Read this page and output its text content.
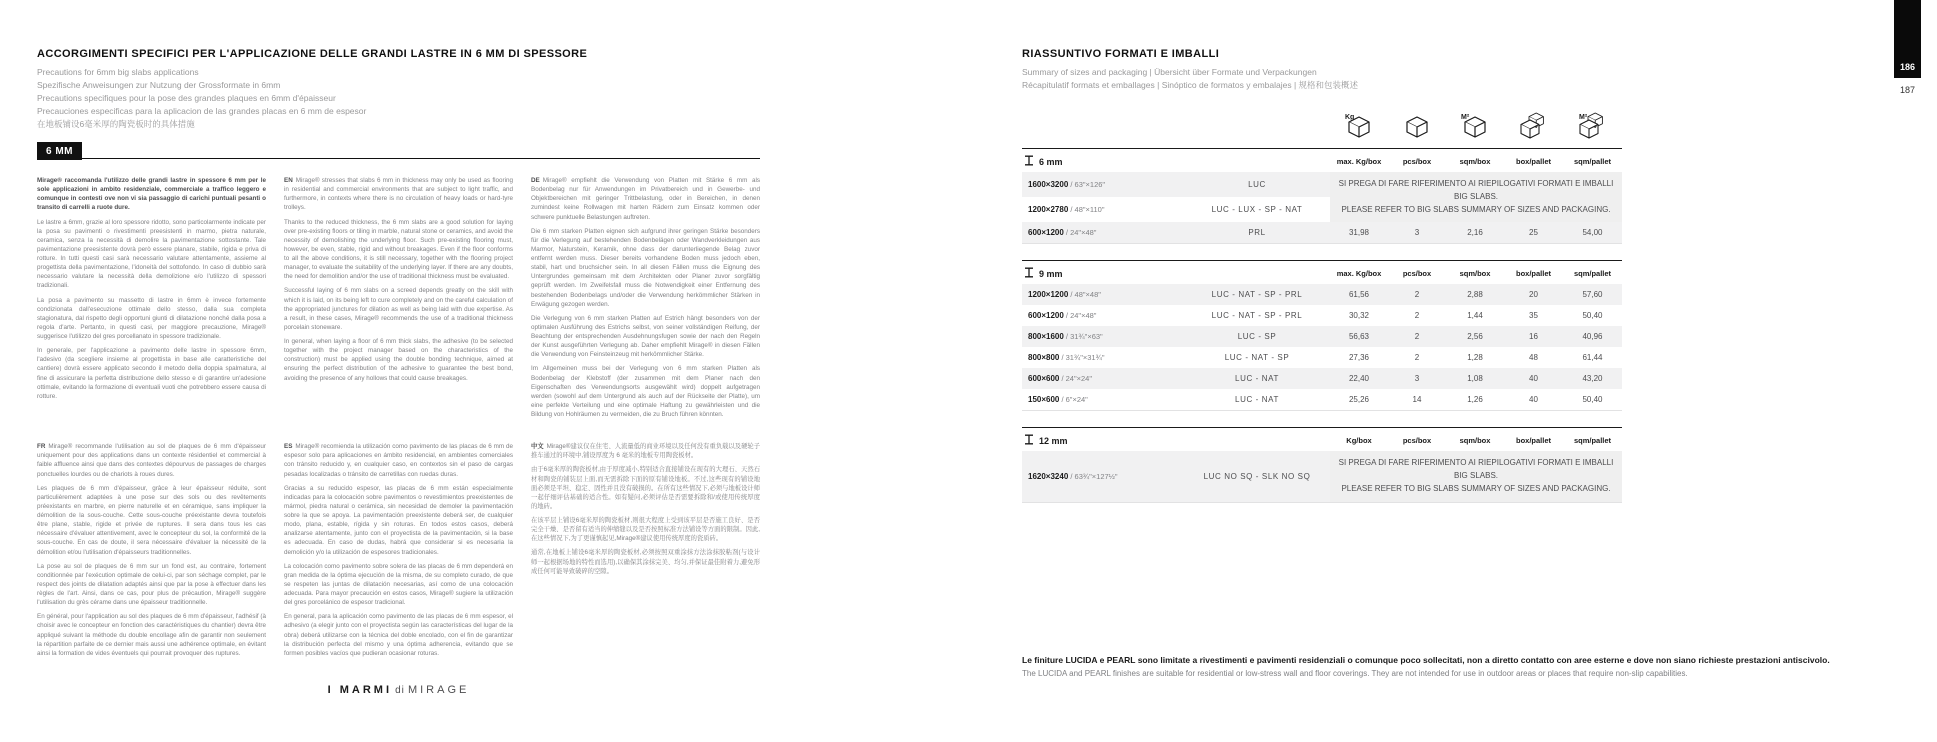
ACCORGIMENTI SPECIFICI PER L'APPLICAZIONE DELLE GRANDI LASTRE IN 6 MM DI SPESSORE

Precautions for 6mm big slabs applications

Spezifische Anweisungen zur Nutzung der Grossformate in 6mm

Precautions specifiques pour la pose des grandes plaques en 6mm d'épaisseur

Precauciones especificas para la aplicacion de las grandes placas en 6 mm de espesor

在地板铺设6毫米厚的陶瓷板时的具体措施

6 MM

Mirage® raccomanda l'utilizzo delle grandi lastre in spessore 6 mm per le sole applicazioni in ambito residenziale, commerciale a traffico leggero e comunque in contesti ove non vi sia passaggio di carichi puntuali pesanti o transito di carrelli a ruote dure.

Le lastre a 6mm, grazie al loro spessore ridotto, sono particolarmente indicate per la posa su pavimenti o rivestimenti preesistenti in marmo, pietra naturale, ceramica, senza la necessità di demolire la pavimentazione sottostante. Tale pavimentazione preesistente dovrà però essere planare, stabile, rigida e priva di rotture. In tutti questi casi sarà necessario valutare attentamente, assieme al progettista della pavimentazione, l'idoneità del sottofondo. In caso di dubbio sarà necessario valutare la necessità della demolizione e/o l'utilizzo di spessori tradizionali.

La posa a pavimento su massetto di lastre in 6mm è invece fortemente condizionata dall'esecuzione ottimale dello stesso, dalla sua completa stagionatura, dal rispetto degli opportuni giunti di dilatazione nonché dalla posa a regola d'arte. Pertanto, in questi casi, per maggiore precauzione, Mirage® suggerisce l'utilizzo del gres porcellanato in spessore tradizionale.

In generale, per l'applicazione a pavimento delle lastre in spessore 6mm, l'adesivo (da scegliere insieme al progettista in base alle caratteristiche del cantiere) dovrà essere applicato secondo il metodo della doppia spalmatura, al fine di assicurare la perfetta distribuzione dello stesso e di garantire un'adesione ottimale, evitando la formazione di eventuali vuoti che potrebbero essere causa di rotture.

EN Mirage® stresses that slabs 6 mm in thickness may only be used as flooring in residential and commercial environments that are subject to light traffic, and furthermore, in contexts where there is no circulation of heavy loads or hard-tyre trolleys.

Thanks to the reduced thickness, the 6 mm slabs are a good solution for laying over pre-existing floors or tiling in marble, natural stone or ceramics, and avoid the necessity of demolishing the underlying floor. Such pre-existing flooring must, however, be even, stable, rigid and without breakages. Even if the floor conforms to all the above conditions, it is still necessary, together with the flooring project manager, to evaluate the suitability of the underlying layer. If there are any doubts, the need for demolition and/or the use of traditional thickness must be evaluated.

Successful laying of 6 mm slabs on a screed depends greatly on the skill with which it is laid, on its being left to cure completely and on the careful calculation of the appropriated junctures for dilation as well as being laid with due expertise. As a result, in these cases, Mirage® recommends the use of a traditional thickness porcelain stoneware.

In general, when laying a floor of 6 mm thick slabs, the adhesive (to be selected together with the project manager based on the characteristics of the construction) must be applied using the double bonding technique, aimed at ensuring the perfect distribution of the adhesive to guarantee the best bond, avoiding the presence of any hollows that could cause breakages.

DE Mirage® empfiehlt die Verwendung von Platten mit Stärke 6 mm als Bodenbelag nur für Anwendungen im Privatbereich und in Gewerbe- und Objektbereichen mit geringer Trittbelastung, oder in Bereichen, in denen zumindest keine Rollwagen mit harten Rädern zum Einsatz kommen oder schwere punktuelle Belastungen auftreten.

Die 6 mm starken Platten eignen sich aufgrund ihrer geringen Stärke besonders für die Verlegung auf bestehenden Bodenbelägen oder Wandverkleidungen aus Marmor, Naturstein, Keramik, ohne dass der darunterliegende Belag zuvor entfernt werden muss. Dieser bereits vorhandene Boden muss jedoch eben, stabil, hart und bruchsicher sein. In all diesen Fällen muss die Eignung des Untergrundes gemeinsam mit dem Architekten oder Planer zuvor sorgfältig geprüft werden. Im Zweifelsfall muss die Notwendigkeit einer Entfernung des bestehenden Bodenbelags und/oder die Verwendung herkömmlicher Stärken in Erwägung gezogen werden.

Die Verlegung von 6 mm starken Platten auf Estrich hängt besonders von der optimalen Ausführung des Estrichs selbst, von seiner vollständigen Reifung, der Beachtung der entsprechenden Ausdehnungsfugen sowie der nach den Regeln der Kunst ausgeführten Verlegung ab. Daher empfiehlt Mirage® in diesen Fällen die Verwendung von Feinsteinzeug mit herkömmlicher Stärke.

Im Allgemeinen muss bei der Verlegung von 6 mm starken Platten als Bodenbelag der Klebstoff (der zusammen mit dem Planer nach den Eigenschaften des Verwendungsorts ausgewählt wird) doppelt aufgetragen werden (sowohl auf dem Untergrund als auch auf der Rückseite der Platte), um eine perfekte Verteilung und eine optimale Haftung zu gewährleisten und die Bildung von Hohlräumen zu vermeiden, die zu Bruch führen könnten.

FR Mirage® recommande l'utilisation au sol de plaques de 6 mm d'épaisseur uniquement pour des applications dans un contexte résidentiel et commercial à faible affluence ainsi que dans des contextes dépourvus de passages de charges ponctuelles lourdes ou de chariots à roues dures.

Les plaques de 6 mm d'épaisseur, grâce à leur épaisseur réduite, sont particulièrement adaptées à une pose sur des sols ou des revêtements préexistants en marbre, en pierre naturelle et en céramique, sans impliquer la démolition de la sous-couche. Cette sous-couche préexistante devra toutefois être plane, stable, rigide et privée de ruptures. Il sera dans tous les cas nécessaire d'évaluer attentivement, avec le concepteur du sol, la conformité de la sous-couche. En cas de doute, il sera nécessaire d'évaluer la nécessité de la démolition et/ou l'utilisation d'épaisseurs traditionnelles.

La pose au sol de plaques de 6 mm sur un fond est, au contraire, fortement conditionnée par l'exécution optimale de celui-ci, par son séchage complet, par le respect des joints de dilatation adaptés ainsi que par la pose à effectuer dans les règles de l'art. Ainsi, dans ce cas, pour plus de précaution, Mirage® suggère l'utilisation du grès cérame dans une épaisseur traditionnelle.

En général, pour l'application au sol des plaques de 6 mm d'épaisseur, l'adhésif (à choisir avec le concepteur en fonction des caractéristiques du chantier) devra être appliqué suivant la méthode du double encollage afin de garantir non seulement la répartition parfaite de ce dernier mais aussi une adhérence optimale, en évitant ainsi la formation de vides éventuels qui pourrait provoquer des ruptures.

ES Mirage® recomienda la utilización como pavimento de las placas de 6 mm de espesor solo para aplicaciones en ámbito residencial, en ambientes comerciales con tránsito reducido y, en cualquier caso, en contextos sin el paso de cargas pesadas localizadas o tránsito de carretillas con ruedas duras.

Gracias a su reducido espesor, las placas de 6 mm están especialmente indicadas para la colocación sobre pavimentos o revestimientos preexistentes de mármol, piedra natural o cerámica, sin necesidad de demoler la pavimentación sobre la que se apoya. La pavimentación preexistente deberá ser, de cualquier modo, plana, estable, rígida y sin roturas. En todos estos casos, deberá analizarse atentamente, junto con el proyectista de la pavimentación, si la base es adecuada. En caso de dudas, habrá que considerar si es necesaria la demolición y/o la utilización de espesores tradicionales.

La colocación como pavimento sobre solera de las placas de 6 mm dependerá en gran medida de la óptima ejecución de la misma, de su completo curado, de que se respeten las juntas de dilatación necesarias, así como de una colocación adecuada. Para mayor precaución en estos casos, Mirage® sugiere la utilización del gres porcelánico de espesor tradicional.

En general, para la aplicación como pavimento de las placas de 6 mm espesor, el adhesivo (a elegir junto con el proyectista según las características del lugar de la obra) deberá utilizarse con la técnica del doble encolado, con el fin de garantizar la distribución perfecta del mismo y una óptima adherencia, evitando que se formen posibles vacíos que pudieran ocasionar roturas.

中文 Mirage®建议仅在住宅、人流量低的商业环境以及任何没有重负载以及硬轮子推车通过的环境中,铺设厚度为 6 毫米的地板专用陶瓷板材。

由于6毫米厚的陶瓷板材,由于厚度减小,特别适合直接铺设在现有的大理石、天然石材和陶瓷的铺装层上面,而无需拆除下面的原有铺设地板。不过,这些现有的铺设地面必须是平坦、稳定、固性并且没有破损的。在所有这些情况下,必须与地板设计师一起仔细评估基础的适合性。如有疑问,必须评估是否需要拆除和/或使用传统厚度的地砖。

在该平层上铺设6毫米厚的陶瓷板材,则很大程度上受到该平层是否施工良好、是否完全干燥、是否留有适当的伸缩缝以及是否按照标准方法铺设等方面的限制。因此,在这些情况下,为了更谨慎起见,Mirage®建议使用传统厚度的瓷质砖。

通常,在地板上铺设6毫米厚的陶瓷板材,必须按照双重涂抹方法涂抹胶粘剂(与设计师一起根据场地的特性而选用),以确保其涂抹完美、均匀,并保证最佳附着力,避免形成任何可能导致破碎的空隙。

I MARMI di MIRAGE
RIASSUNTIVO FORMATI E IMBALLI

Summary of sizes and packaging | Übersicht über Formate und Verpackungen

Récapitulatif formats et emballages | Sinóptico de formatos y embalajes | 规格和包装概述

Kg		M²		M²

6 mm		max. Kg/box	pcs/box	sqm/box	box/pallet	sqm/pallet
1600×3200 / 63"×126"	LUC	SI PREGA DI FARE RIFERIMENTO AI RIEPILOGATIVI FORMATI E IMBALLI BIG SLABS.
PLEASE REFER TO BIG SLABS SUMMARY OF SIZES AND PACKAGING.				

1200×2780 / 48"×110"	LUC - LUX - SP - NAT					
600×1200 / 24"×48"	PRL	31,98	3	2,16	25	54,00

9 mm		max. Kg/box	pcs/box	sqm/box	box/pallet	sqm/pallet
1200×1200 / 48"×48"	LUC - NAT - SP - PRL	61,56	2	2,88	20	57,60
600×1200 / 24"×48"	LUC - NAT - SP - PRL	30,32	2	1,44	35	50,40
800×1600 / 31¾"×63"	LUC - SP	56,63	2	2,56	16	40,96
800×800 / 31¾"×31¾"	LUC - NAT - SP	27,36	2	1,28	48	61,44
600×600 / 24"×24"	LUC - NAT	22,40	3	1,08	40	43,20
150×600 / 6"×24"	LUC - NAT	25,26	14	1,26	40	50,40

12 mm		Kg/box	pcs/box	sqm/box	box/pallet	sqm/pallet
1620×3240 / 63¾"×127½"	LUC NO SQ - SLK NO SQ	SI PREGA DI FARE RIFERIMENTO AI RIEPILOGATIVI FORMATI E IMBALLI BIG SLABS.
PLEASE REFER TO BIG SLABS SUMMARY OF SIZES AND PACKAGING.				

Le finiture LUCIDA e PEARL sono limitate a rivestimenti e pavimenti residenziali o comunque poco sollecitati, non a diretto contatto con aree esterne e dove non siano richieste prestazioni antiscivolo.

The LUCIDA and PEARL finishes are suitable for residential or low-stress wall and floor coverings. They are not intended for use in outdoor areas or places that require non-slip capabilities.

186
187
